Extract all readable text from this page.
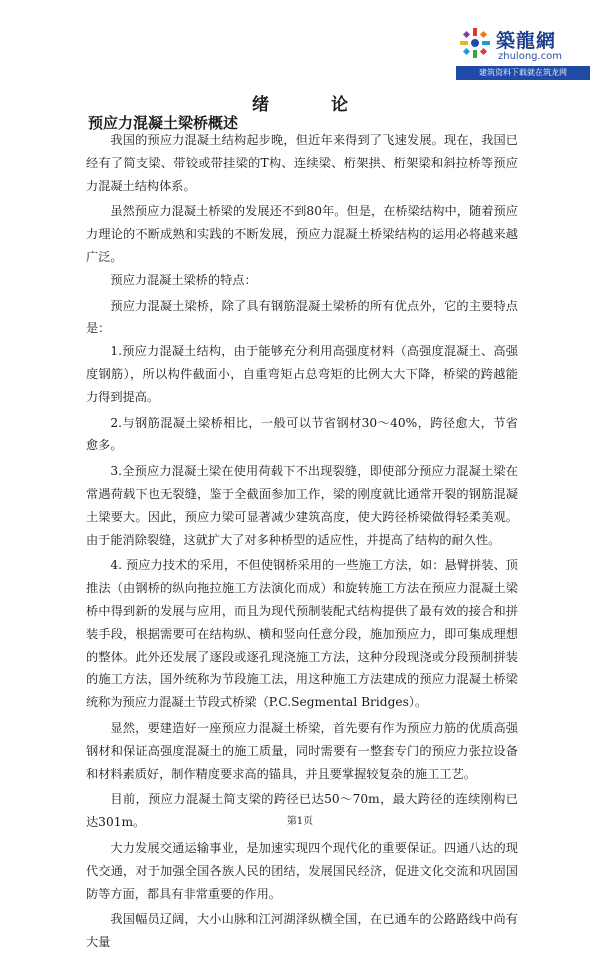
築龍網
zhulong.com
建筑资料下载就在筑龙网
绪 论
预应力混凝土梁桥概述

我国的预应力混凝土结构起步晚，但近年来得到了飞速发展。现在，我国已经有了简支梁、带铰或带挂梁的T构、连续梁、桁架拱、桁架梁和斜拉桥等预应力混凝土结构体系。

虽然预应力混凝土桥梁的发展还不到80年。但是，在桥梁结构中，随着预应力理论的不断成熟和实践的不断发展，预应力混凝土桥梁结构的运用必将越来越广泛。

预应力混凝土梁桥的特点：

预应力混凝土梁桥，除了具有钢筋混凝土梁桥的所有优点外，它的主要特点是：

1.预应力混凝土结构，由于能够充分利用高强度材料（高强度混凝土、高强度钢筋），所以构件截面小，自重弯矩占总弯矩的比例大大下降，桥梁的跨越能力得到提高。

2.与钢筋混凝土梁桥相比，一般可以节省钢材30～40%，跨径愈大，节省愈多。

3.全预应力混凝土梁在使用荷载下不出现裂缝，即使部分预应力混凝土梁在常遇荷载下也无裂缝，鉴于全截面参加工作，梁的刚度就比通常开裂的钢筋混凝土梁要大。因此，预应力梁可显著减少建筑高度，使大跨径桥梁做得轻柔美观。由于能消除裂缝，这就扩大了对多种桥型的适应性，并提高了结构的耐久性。

4. 预应力技术的采用，不但使钢桥采用的一些施工方法，如：悬臂拼装、顶推法（由钢桥的纵向拖拉施工方法演化而成）和旋转施工方法在预应力混凝土梁桥中得到新的发展与应用，而且为现代预制装配式结构提供了最有效的接合和拼装手段，根据需要可在结构纵、横和竖向任意分段，施加预应力，即可集成理想的整体。此外还发展了逐段或逐孔现浇施工方法，这种分段现浇或分段预制拼装的施工方法，国外统称为节段施工法，用这种施工方法建成的预应力混凝土桥梁统称为预应力混凝土节段式桥梁（P.C.Segmental Bridges）。

显然，要建造好一座预应力混凝土桥梁，首先要有作为预应力筋的优质高强钢材和保证高强度混凝土的施工质量，同时需要有一整套专门的预应力张拉设备和材料素质好，制作精度要求高的锚具，并且要掌握较复杂的施工工艺。

目前，预应力混凝土简支梁的跨径已达50～70m，最大跨径的连续刚构已达301m。

大力发展交通运输事业，是加速实现四个现代化的重要保证。四通八达的现代交通，对于加强全国各族人民的团结，发展国民经济，促进文化交流和巩固国防等方面，都具有非常重要的作用。

我国幅员辽阔，大小山脉和江河湖泽纵横全国，在已通车的公路路线中尚有大量

第1页
